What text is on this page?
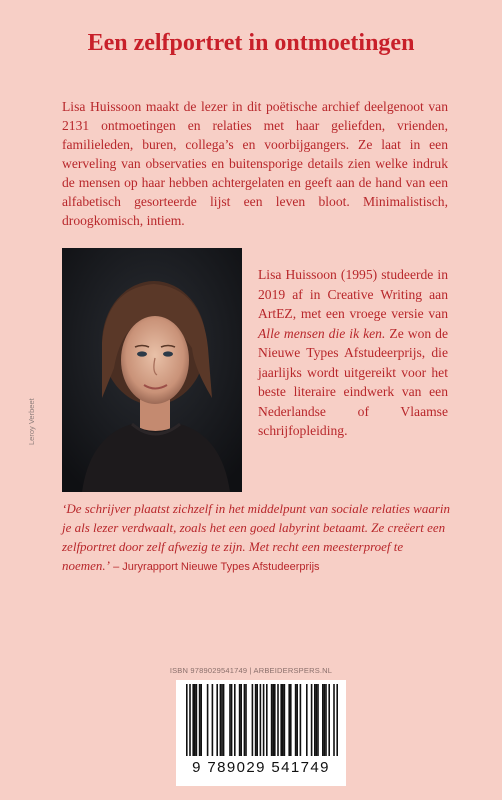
Een zelfportret in ontmoetingen

Lisa Huissoon maakt de lezer in dit poëtische archief deelgenoot van 2131 ontmoetingen en relaties met haar geliefden, vrienden, familieleden, buren, collega’s en voorbijgangers. Ze laat in een werveling van observaties en buitensporige details zien welke indruk de mensen op haar hebben achtergelaten en geeft aan de hand van een alfabetisch gesorteerde lijst een leven bloot. Minimalistisch, droogkomisch, intiem.

Leroy Verbeet

Lisa Huissoon (1995) studeerde in 2019 af in Creative Writing aan ArtEZ, met een vroege versie van Alle mensen die ik ken. Ze won de Nieuwe Types Afstudeerprijs, die jaarlijks wordt uitgereikt voor het beste literaire eindwerk van een Nederlandse of Vlaamse schrijfopleiding.

‘De schrijver plaatst zichzelf in het middelpunt van sociale relaties waarin je als lezer verdwaalt, zoals het een goed labyrint betaamt. Ze creëert een zelfportret door zelf afwezig te zijn. Met recht een meesterproef te noemen.’ – Juryrapport Nieuwe Types Afstudeerprijs

ISBN 9789029541749 | ARBEIDERSPERS.NL
9 789029 541749
